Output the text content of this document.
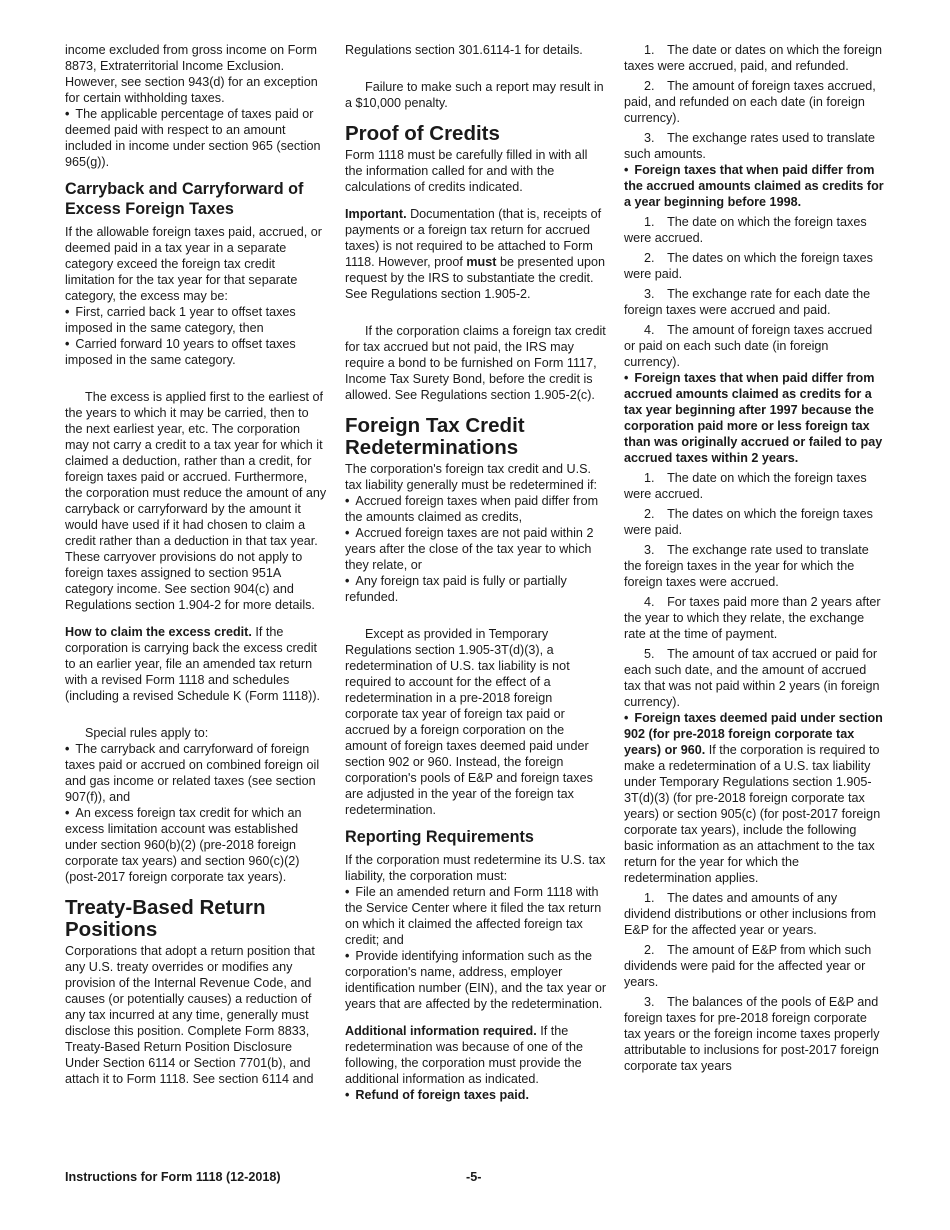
income excluded from gross income on Form 8873, Extraterritorial Income Exclusion. However, see section 943(d) for an exception for certain withholding taxes.

• The applicable percentage of taxes paid or deemed paid with respect to an amount included in income under section 965 (section 965(g)).

Carryback and Carryforward of Excess Foreign Taxes

If the allowable foreign taxes paid, accrued, or deemed paid in a tax year in a separate category exceed the foreign tax credit limitation for the tax year for that separate category, the excess may be:

• First, carried back 1 year to offset taxes imposed in the same category, then

• Carried forward 10 years to offset taxes imposed in the same category.

The excess is applied first to the earliest of the years to which it may be carried, then to the next earliest year, etc. The corporation may not carry a credit to a tax year for which it claimed a deduction, rather than a credit, for foreign taxes paid or accrued. Furthermore, the corporation must reduce the amount of any carryback or carryforward by the amount it would have used if it had chosen to claim a credit rather than a deduction in that tax year. These carryover provisions do not apply to foreign taxes assigned to section 951A category income. See section 904(c) and Regulations section 1.904-2 for more details.

How to claim the excess credit. If the corporation is carrying back the excess credit to an earlier year, file an amended tax return with a revised Form 1118 and schedules (including a revised Schedule K (Form 1118)).

Special rules apply to:

• The carryback and carryforward of foreign taxes paid or accrued on combined foreign oil and gas income or related taxes (see section 907(f)), and

• An excess foreign tax credit for which an excess limitation account was established under section 960(b)(2) (pre-2018 foreign corporate tax years) and section 960(c)(2) (post-2017 foreign corporate tax years).

Treaty-Based Return Positions

Corporations that adopt a return position that any U.S. treaty overrides or modifies any provision of the Internal Revenue Code, and causes (or potentially causes) a reduction of any tax incurred at any time, generally must disclose this position. Complete Form 8833, Treaty-Based Return Position Disclosure Under Section 6114 or Section 7701(b), and attach it to Form 1118. See section 6114 and

Regulations section 301.6114-1 for details.

Failure to make such a report may result in a $10,000 penalty.

Proof of Credits

Form 1118 must be carefully filled in with all the information called for and with the calculations of credits indicated.

Important. Documentation (that is, receipts of payments or a foreign tax return for accrued taxes) is not required to be attached to Form 1118. However, proof must be presented upon request by the IRS to substantiate the credit. See Regulations section 1.905-2.

If the corporation claims a foreign tax credit for tax accrued but not paid, the IRS may require a bond to be furnished on Form 1117, Income Tax Surety Bond, before the credit is allowed. See Regulations section 1.905-2(c).

Foreign Tax Credit Redeterminations

The corporation's foreign tax credit and U.S. tax liability generally must be redetermined if:

• Accrued foreign taxes when paid differ from the amounts claimed as credits,

• Accrued foreign taxes are not paid within 2 years after the close of the tax year to which they relate, or

• Any foreign tax paid is fully or partially refunded.

Except as provided in Temporary Regulations section 1.905-3T(d)(3), a redetermination of U.S. tax liability is not required to account for the effect of a redetermination in a pre-2018 foreign corporate tax year of foreign tax paid or accrued by a foreign corporation on the amount of foreign taxes deemed paid under section 902 or 960. Instead, the foreign corporation's pools of E&P and foreign taxes are adjusted in the year of the foreign tax redetermination.

Reporting Requirements

If the corporation must redetermine its U.S. tax liability, the corporation must:

• File an amended return and Form 1118 with the Service Center where it filed the tax return on which it claimed the affected foreign tax credit; and

• Provide identifying information such as the corporation's name, address, employer identification number (EIN), and the tax year or years that are affected by the redetermination.

Additional information required. If the redetermination was because of one of the following, the corporation must provide the additional information as indicated.

• Refund of foreign taxes paid.

1. The date or dates on which the foreign taxes were accrued, paid, and refunded.

2. The amount of foreign taxes accrued, paid, and refunded on each date (in foreign currency).

3. The exchange rates used to translate such amounts.

• Foreign taxes that when paid differ from the accrued amounts claimed as credits for a year beginning before 1998.

1. The date on which the foreign taxes were accrued.

2. The dates on which the foreign taxes were paid.

3. The exchange rate for each date the foreign taxes were accrued and paid.

4. The amount of foreign taxes accrued or paid on each such date (in foreign currency).

• Foreign taxes that when paid differ from accrued amounts claimed as credits for a tax year beginning after 1997 because the corporation paid more or less foreign tax than was originally accrued or failed to pay accrued taxes within 2 years.

1. The date on which the foreign taxes were accrued.

2. The dates on which the foreign taxes were paid.

3. The exchange rate used to translate the foreign taxes in the year for which the foreign taxes were accrued.

4. For taxes paid more than 2 years after the year to which they relate, the exchange rate at the time of payment.

5. The amount of tax accrued or paid for each such date, and the amount of accrued tax that was not paid within 2 years (in foreign currency).

• Foreign taxes deemed paid under section 902 (for pre-2018 foreign corporate tax years) or 960. If the corporation is required to make a redetermination of a U.S. tax liability under Temporary Regulations section 1.905-3T(d)(3) (for pre-2018 foreign corporate tax years) or section 905(c) (for post-2017 foreign corporate tax years), include the following basic information as an attachment to the tax return for the year for which the redetermination applies.

1. The dates and amounts of any dividend distributions or other inclusions from E&P for the affected year or years.

2. The amount of E&P from which such dividends were paid for the affected year or years.

3. The balances of the pools of E&P and foreign taxes for pre-2018 foreign corporate tax years or the foreign income taxes properly attributable to inclusions for post-2017 foreign corporate tax years

Instructions for Form 1118 (12-2018)	-5-
